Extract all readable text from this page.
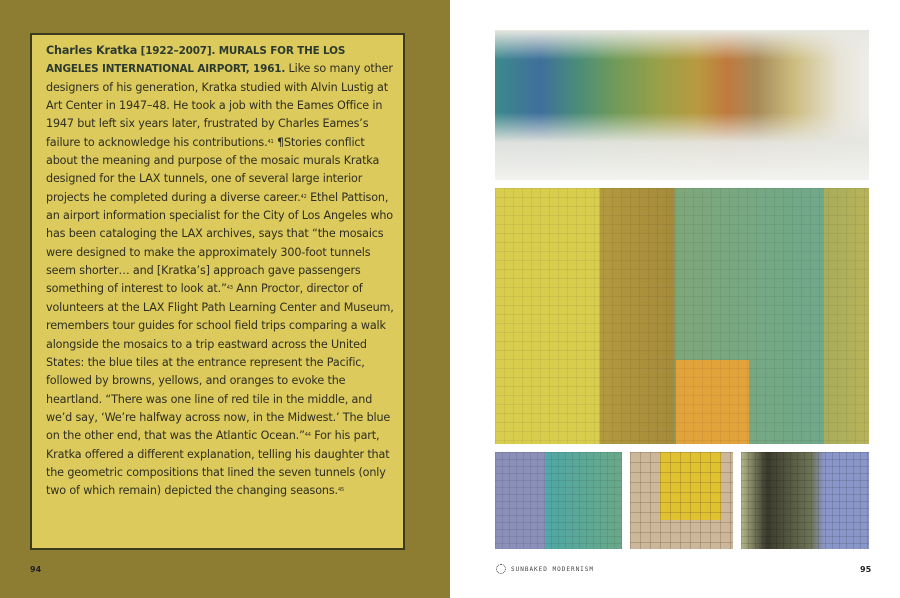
Charles Kratka [1922–2007]. MURALS FOR THE LOS ANGELES INTERNATIONAL AIRPORT, 1961. Like so many other designers of his generation, Kratka studied with Alvin Lustig at Art Center in 1947–48. He took a job with the Eames Office in 1947 but left six years later, frustrated by Charles Eames’s failure to acknowledge his contributions.$^{41}$ ¶Stories conflict about the meaning and purpose of the mosaic murals Kratka designed for the LAX tunnels, one of several large interior projects he completed during a diverse career.$^{42}$ Ethel Pattison, an airport information specialist for the City of Los Angeles who has been cataloging the LAX archives, says that “the mosaics were designed to make the approximately 300-foot tunnels seem shorter… and [Kratka’s] approach gave passengers something of interest to look at.”$^{43}$ Ann Proctor, director of volunteers at the LAX Flight Path Learning Center and Museum, remembers tour guides for school field trips comparing a walk alongside the mosaics to a trip eastward across the United States: the blue tiles at the entrance represent the Pacific, followed by browns, yellows, and oranges to evoke the heartland. “There was one line of red tile in the middle, and we’d say, ‘We’re halfway across now, in the Midwest.’ The blue on the other end, that was the Atlantic Ocean.”$^{44}$ For his part, Kratka offered a different explanation, telling his daughter that the geometric compositions that lined the seven tunnels (only two of which remain) depicted the changing seasons.$^{45}$
94	SUNBAKED MODERNISM	95
